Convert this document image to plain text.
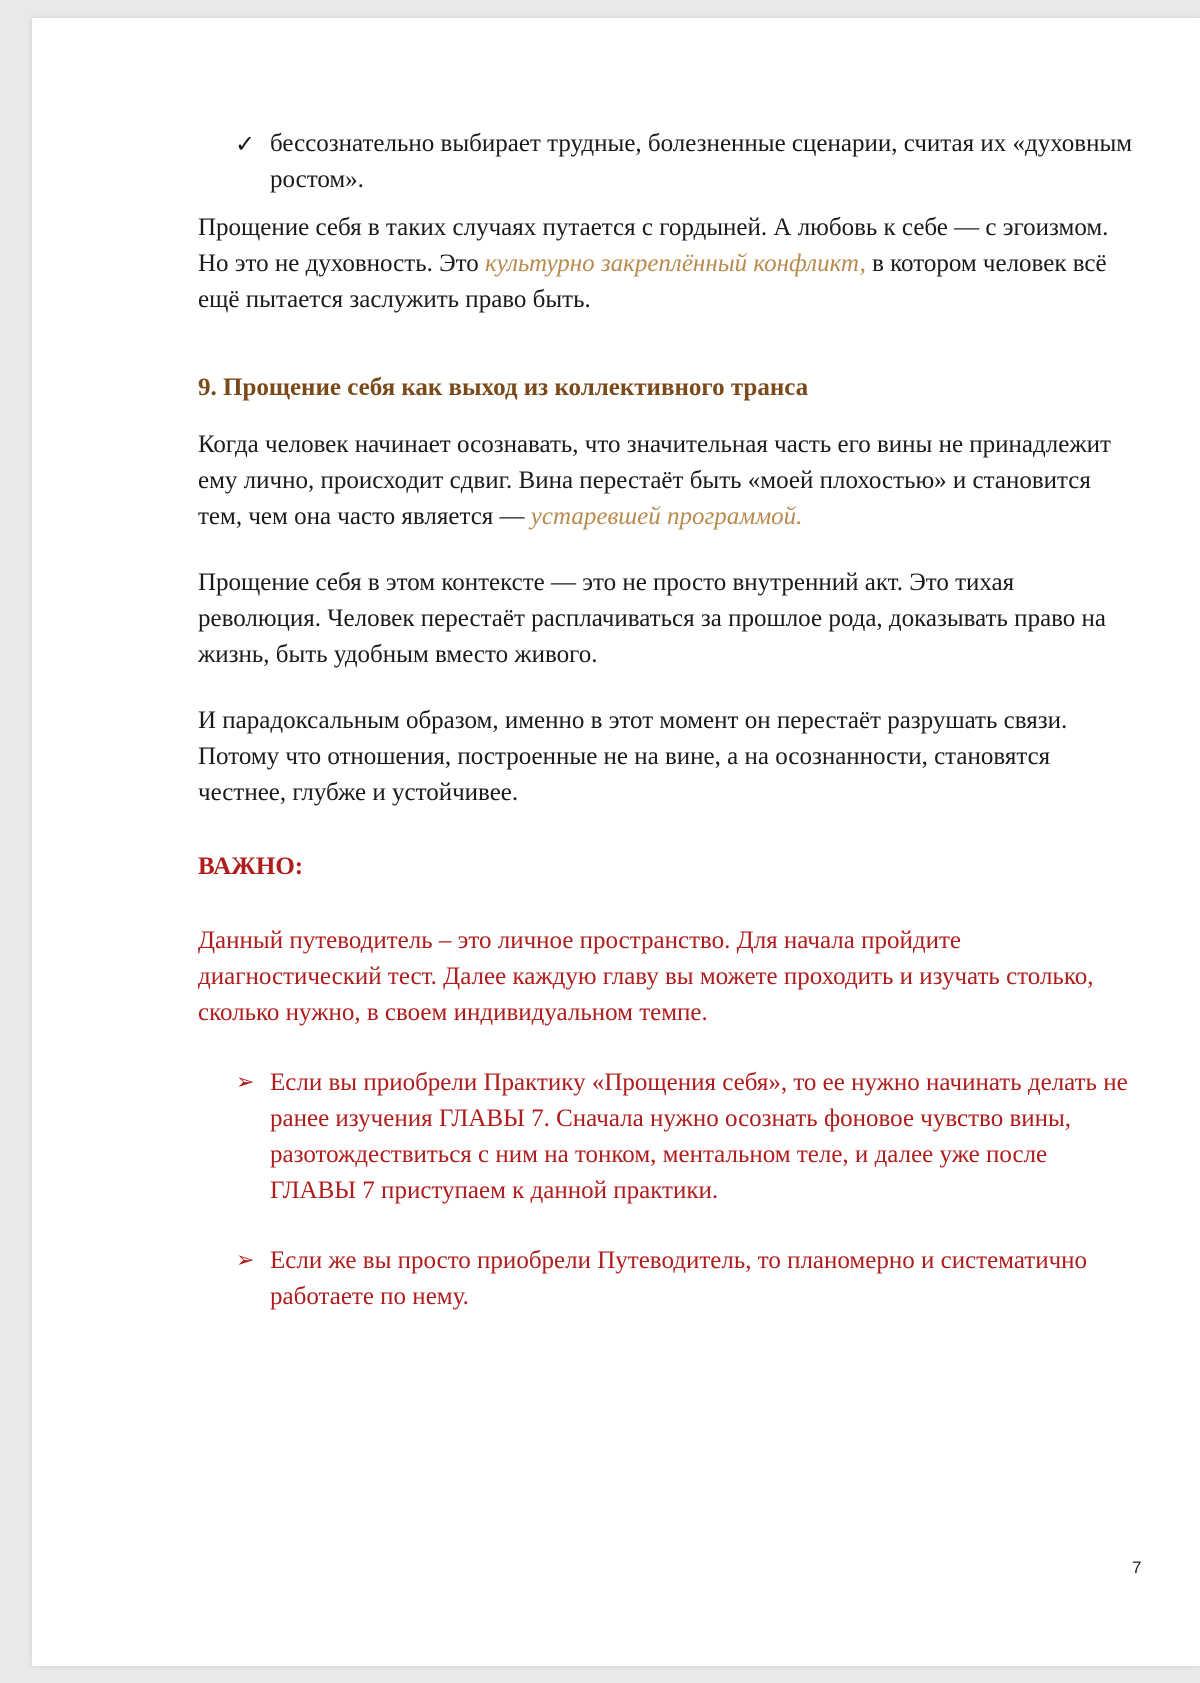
✓ бессознательно выбирает трудные, болезненные сценарии, считая их «духовным ростом».

Прощение себя в таких случаях путается с гордыней. А любовь к себе — с эгоизмом. Но это не духовность. Это культурно закреплённый конфликт, в котором человек всё ещё пытается заслужить право быть.

9. Прощение себя как выход из коллективного транса

Когда человек начинает осознавать, что значительная часть его вины не принадлежит ему лично, происходит сдвиг. Вина перестаёт быть «моей плохостью» и становится тем, чем она часто является — устаревшей программой.

Прощение себя в этом контексте — это не просто внутренний акт. Это тихая революция. Человек перестаёт расплачиваться за прошлое рода, доказывать право на жизнь, быть удобным вместо живого.

И парадоксальным образом, именно в этот момент он перестаёт разрушать связи. Потому что отношения, построенные не на вине, а на осознанности, становятся честнее, глубже и устойчивее.

ВАЖНО:

Данный путеводитель – это личное пространство. Для начала пройдите диагностический тест. Далее каждую главу вы можете проходить и изучать столько, сколько нужно, в своем индивидуальном темпе.

➢ Если вы приобрели Практику «Прощения себя», то ее нужно начинать делать не ранее изучения ГЛАВЫ 7. Сначала нужно осознать фоновое чувство вины, разотождествиться с ним на тонком, ментальном теле, и далее уже после ГЛАВЫ 7 приступаем к данной практики.
➢ Если же вы просто приобрели Путеводитель, то планомерно и систематично работаете по нему.
7
